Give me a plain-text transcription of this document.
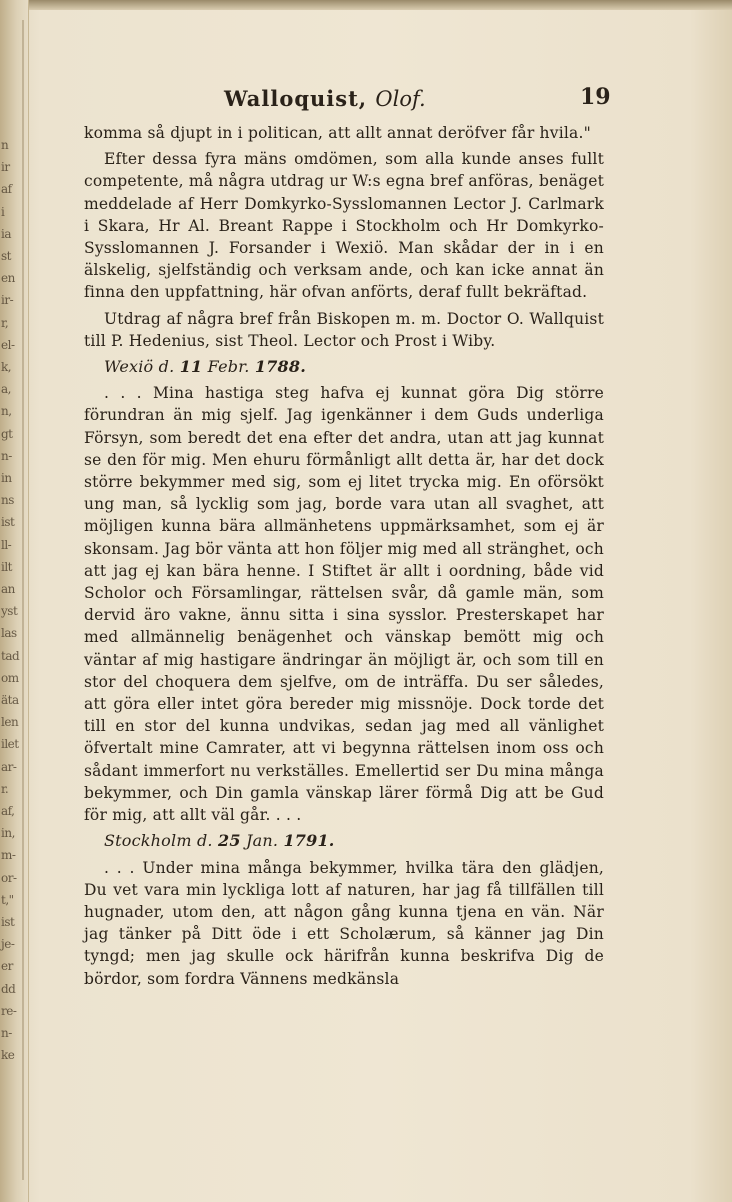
n
ir
af
i
ia
st
en
ir-
r,
el-
k,
a,
n,
gt
n-
in
ns
ist
ll-
ilt
an
yst
las
tad
om
äta
len
ilet
ar-
r.
af,
in,
m-
or-
t,"
ist
je-
er
dd
re-
n-
ke
Walloquist, Olof.	19

komma så djupt in i politican, att allt annat deröfver får hvila."

Efter dessa fyra mäns omdömen, som alla kunde anses fullt competente, må några utdrag ur W:s egna bref anföras, benäget meddelade af Herr Domkyrko-Sysslomannen Lector J. Carlmark i Skara, Hr Al. Breant Rappe i Stockholm och Hr Domkyrko-Sysslomannen J. Forsander i Wexiö. Man skådar der in i en älskelig, sjelfständig och verksam ande, och kan icke annat än finna den uppfattning, här ofvan anförts, deraf fullt bekräftad.

Utdrag af några bref från Biskopen m. m. Doctor O. Wallquist till P. Hedenius, sist Theol. Lector och Prost i Wiby.

Wexiö d. 11 Febr. 1788.

. . . Mina hastiga steg hafva ej kunnat göra Dig större förundran än mig sjelf. Jag igenkänner i dem Guds underliga Försyn, som beredt det ena efter det andra, utan att jag kunnat se den för mig. Men ehuru förmånligt allt detta är, har det dock större bekymmer med sig, som ej litet trycka mig. En oförsökt ung man, så lycklig som jag, borde vara utan all svaghet, att möjligen kunna bära allmänhetens uppmärksamhet, som ej är skonsam. Jag bör vänta att hon följer mig med all stränghet, och att jag ej kan bära henne. I Stiftet är allt i oordning, både vid Scholor och Församlingar, rättelsen svår, då gamle män, som dervid äro vakne, ännu sitta i sina sysslor. Presterskapet har med allmännelig benägenhet och vänskap bemött mig och väntar af mig hastigare ändringar än möjligt är, och som till en stor del choquera dem sjelfve, om de inträffa. Du ser således, att göra eller intet göra bereder mig missnöje. Dock torde det till en stor del kunna undvikas, sedan jag med all vänlighet öfvertalt mine Camrater, att vi begynna rättelsen inom oss och sådant immerfort nu verkställes. Emellertid ser Du mina många bekymmer, och Din gamla vänskap lärer förmå Dig att be Gud för mig, att allt väl går. . . .

Stockholm d. 25 Jan. 1791.

. . . Under mina många bekymmer, hvilka tära den glädjen, Du vet vara min lyckliga lott af naturen, har jag få tillfällen till hugnader, utom den, att någon gång kunna tjena en vän. När jag tänker på Ditt öde i ett Scholærum, så känner jag Din tyngd; men jag skulle ock härifrån kunna beskrifva Dig de bördor, som fordra Vännens medkänsla
